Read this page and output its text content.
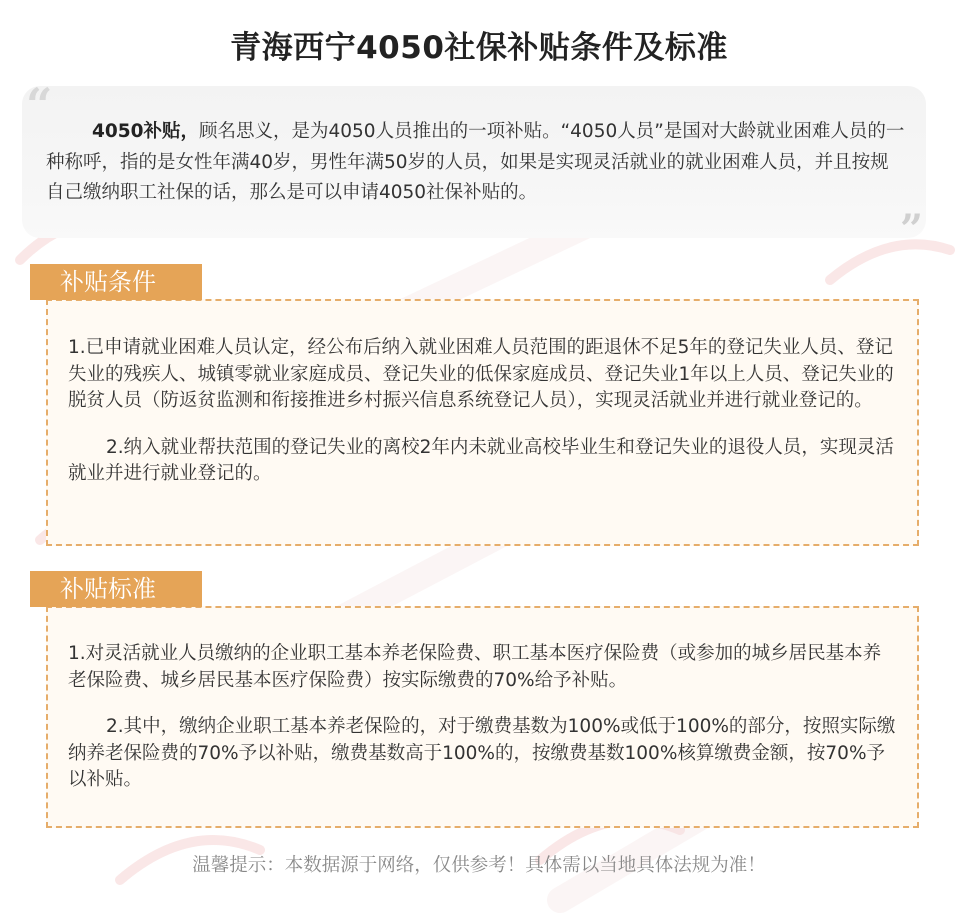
青海西宁4050社保补贴条件及标准
“
”
4050补贴，顾名思义，是为4050人员推出的一项补贴。“4050人员”是国对大龄就业困难人员的一种称呼，指的是女性年满40岁，男性年满50岁的人员，如果是实现灵活就业的就业困难人员，并且按规自己缴纳职工社保的话，那么是可以申请4050社保补贴的。
补贴条件

1.已申请就业困难人员认定，经公布后纳入就业困难人员范围的距退休不足5年的登记失业人员、登记失业的残疾人、城镇零就业家庭成员、登记失业的低保家庭成员、登记失业1年以上人员、登记失业的脱贫人员（防返贫监测和衔接推进乡村振兴信息系统登记人员），实现灵活就业并进行就业登记的。

2.纳入就业帮扶范围的登记失业的离校2年内未就业高校毕业生和登记失业的退役人员，实现灵活就业并进行就业登记的。

补贴标准

1.对灵活就业人员缴纳的企业职工基本养老保险费、职工基本医疗保险费（或参加的城乡居民基本养老保险费、城乡居民基本医疗保险费）按实际缴费的70%给予补贴。

2.其中，缴纳企业职工基本养老保险的，对于缴费基数为100%或低于100%的部分，按照实际缴纳养老保险费的70%予以补贴，缴费基数高于100%的，按缴费基数100%核算缴费金额，按70%予以补贴。

温馨提示：本数据源于网络，仅供参考！具体需以当地具体法规为准！
